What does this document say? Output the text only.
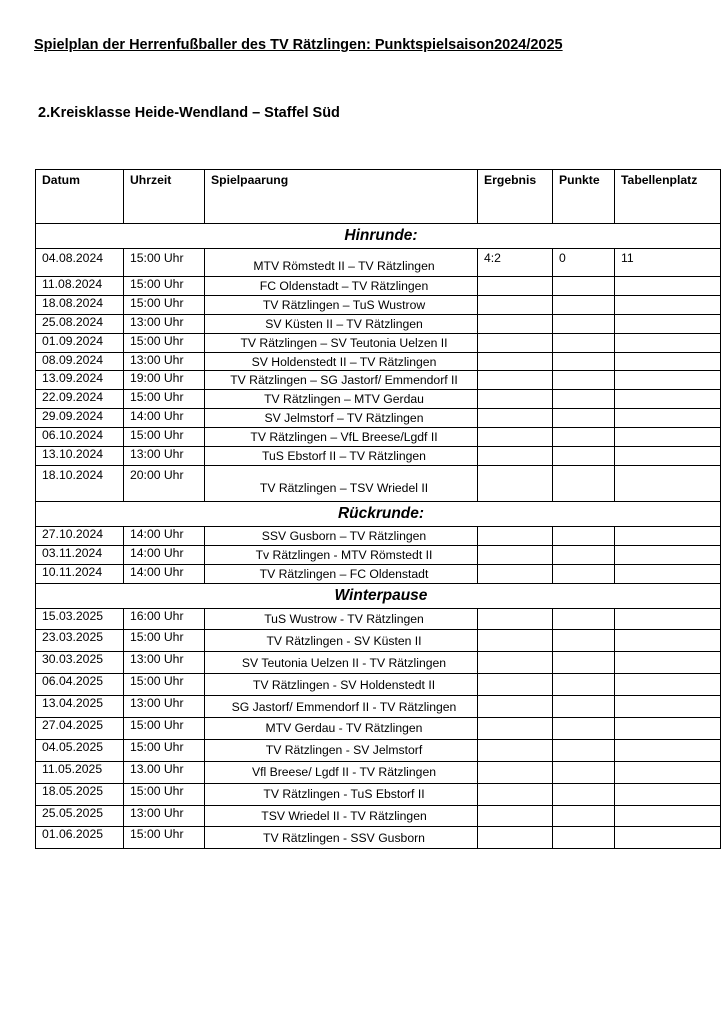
Spielplan der Herrenfußballer des TV Rätzlingen: Punktspielsaison2024/2025
2.Kreisklasse Heide-Wendland – Staffel Süd
Datum	Uhrzeit	Spielpaarung	Ergebnis	Punkte	Tabellenplatz
Hinrunde:					
04.08.2024	15:00 Uhr	MTV Römstedt II – TV Rätzlingen	4:2	0	11
11.08.2024	15:00 Uhr	FC Oldenstadt – TV Rätzlingen			
18.08.2024	15:00 Uhr	TV Rätzlingen – TuS Wustrow			
25.08.2024	13:00 Uhr	SV Küsten II – TV Rätzlingen			
01.09.2024	15:00 Uhr	TV Rätzlingen – SV Teutonia Uelzen II			
08.09.2024	13:00 Uhr	SV Holdenstedt II – TV Rätzlingen			
13.09.2024	19:00 Uhr	TV Rätzlingen – SG Jastorf/ Emmendorf II			
22.09.2024	15:00 Uhr	TV Rätzlingen – MTV Gerdau			
29.09.2024	14:00 Uhr	SV Jelmstorf – TV Rätzlingen			
06.10.2024	15:00 Uhr	TV Rätzlingen – VfL Breese/Lgdf II			
13.10.2024	13:00 Uhr	TuS Ebstorf II – TV Rätzlingen			
18.10.2024	20:00 Uhr	TV Rätzlingen – TSV Wriedel II			
Rückrunde:					
27.10.2024	14:00 Uhr	SSV Gusborn – TV Rätzlingen			
03.11.2024	14:00 Uhr	Tv Rätzlingen - MTV Römstedt II			
10.11.2024	14:00 Uhr	TV Rätzlingen – FC Oldenstadt			
Winterpause					
15.03.2025	16:00 Uhr	TuS Wustrow - TV Rätzlingen			
23.03.2025	15:00 Uhr	TV Rätzlingen - SV Küsten II			
30.03.2025	13:00 Uhr	SV Teutonia Uelzen II - TV Rätzlingen			
06.04.2025	15:00 Uhr	TV Rätzlingen - SV Holdenstedt II			
13.04.2025	13:00 Uhr	SG Jastorf/ Emmendorf II - TV Rätzlingen			
27.04.2025	15:00 Uhr	MTV Gerdau - TV Rätzlingen			
04.05.2025	15:00 Uhr	TV Rätzlingen - SV Jelmstorf			
11.05.2025	13.00 Uhr	Vfl Breese/ Lgdf II - TV Rätzlingen			
18.05.2025	15:00 Uhr	TV Rätzlingen - TuS Ebstorf II			
25.05.2025	13:00 Uhr	TSV Wriedel II - TV Rätzlingen			
01.06.2025	15:00 Uhr	TV Rätzlingen - SSV Gusborn			
